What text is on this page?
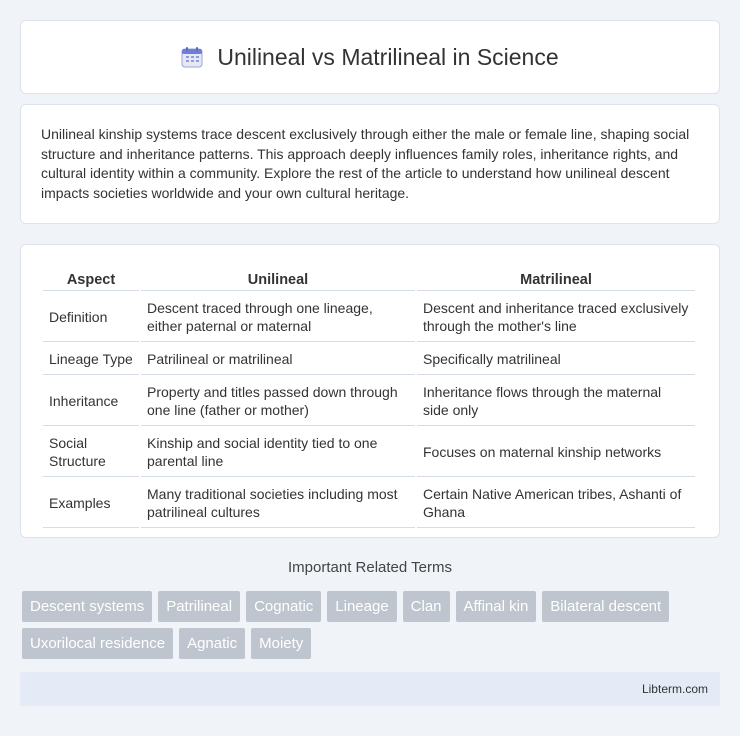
Unilineal vs Matrilineal in Science

Unilineal kinship systems trace descent exclusively through either the male or female line, shaping social structure and inheritance patterns. This approach deeply influences family roles, inheritance rights, and cultural identity within a community. Explore the rest of the article to understand how unilineal descent impacts societies worldwide and your own cultural heritage.

Aspect	Unilineal	Matrilineal
Definition	Descent traced through one lineage, either paternal or maternal	Descent and inheritance traced exclusively through the mother's line
Lineage Type	Patrilineal or matrilineal	Specifically matrilineal
Inheritance	Property and titles passed down through one line (father or mother)	Inheritance flows through the maternal side only
Social Structure	Kinship and social identity tied to one parental line	Focuses on maternal kinship networks
Examples	Many traditional societies including most patrilineal cultures	Certain Native American tribes, Ashanti of Ghana
Important Related Terms
Descent systems	Patrilineal	Cognatic	Lineage	Clan	Affinal kin	Bilateral descent
Uxorilocal residence	Agnatic	Moiety
Libterm.com
